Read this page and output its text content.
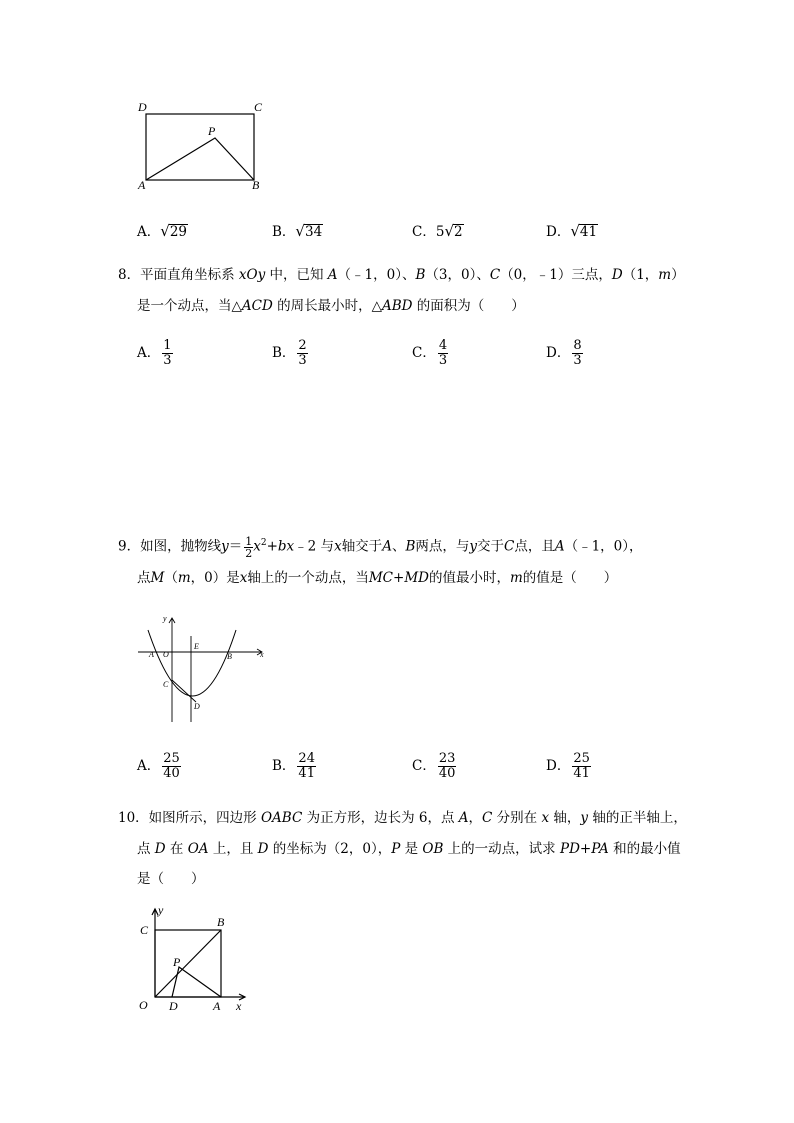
D	C
P
A	B
A．√29	B．√34	C．5√2	D．√41
8．平面直角坐标系 xOy 中，已知 A（﹣1，0）、B（3，0）、C（0，﹣1）三点，D（1，m）
是一个动点，当△ACD 的周长最小时，△ABD 的面积为（　　）
A． $\frac{1}{3}$	B． $\frac{2}{3}$	C． $\frac{4}{3}$	D． $\frac{8}{3}$
9．如图，抛物线$y= \frac{1}{2}$ $x^2+bx﹣2$ 与x轴交于A、B两点，与y交于C点，且A（﹣1，0），
点M（m，0）是x轴上的一个动点，当MC+MD的值最小时，m的值是（　　）
y
x
A O
E
B
C
D
A． $\frac{25}{40}$	B． $\frac{24}{41}$	C． $\frac{23}{40}$	D． $\frac{25}{41}$
10．如图所示，四边形 OABC 为正方形，边长为 6，点 A，C 分别在 x 轴，y 轴的正半轴上，
点 D 在 OA 上，且 D 的坐标为（2，0），P 是 OB 上的一动点，试求 PD+PA 和的最小值
是（　　）
y
C
B
P
O D	A x
